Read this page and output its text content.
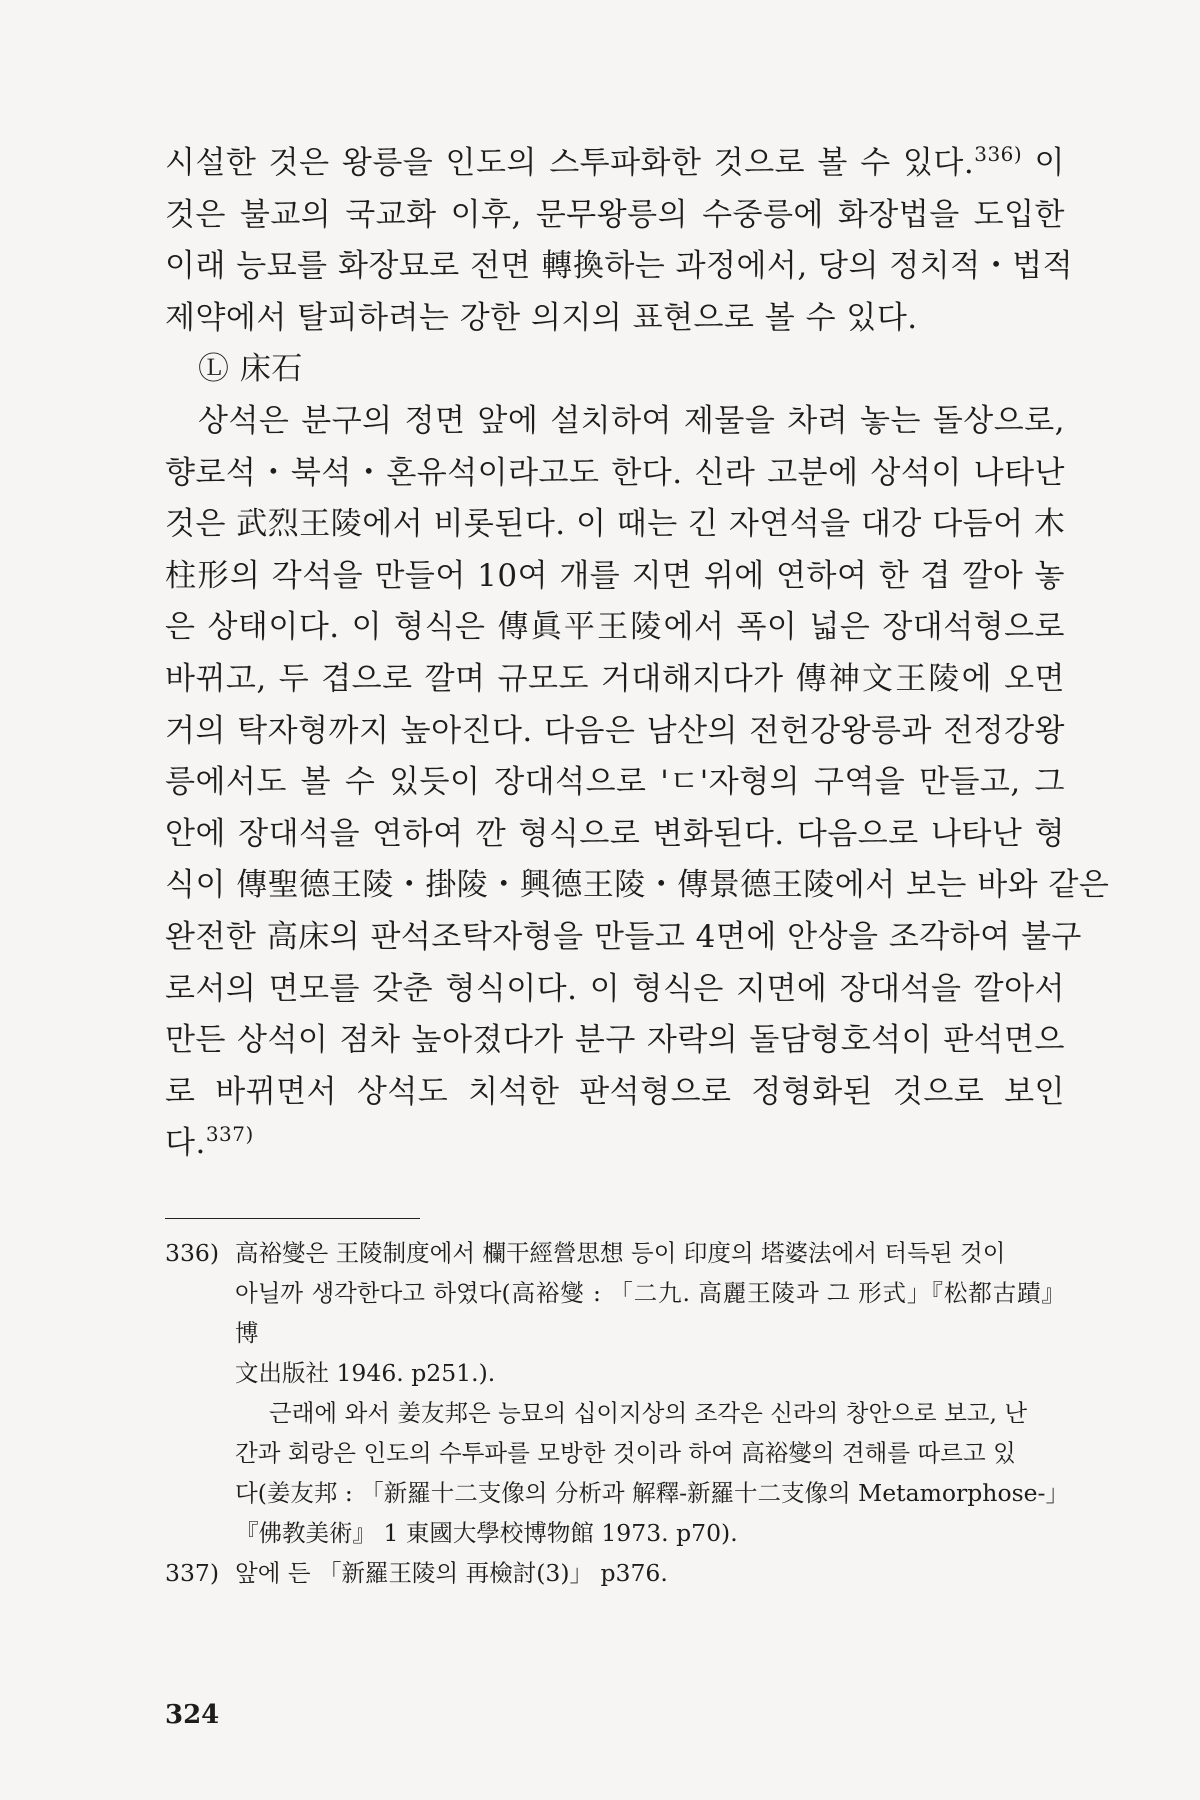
시설한 것은 왕릉을 인도의 스투파화한 것으로 볼 수 있다.$^{336)}$ 이
것은 불교의 국교화 이후, 문무왕릉의 수중릉에 화장법을 도입한
이래 능묘를 화장묘로 전면 轉換하는 과정에서, 당의 정치적・법적
제약에서 탈피하려는 강한 의지의 표현으로 볼 수 있다.
Ⓛ 床石
상석은 분구의 정면 앞에 설치하여 제물을 차려 놓는 돌상으로,
향로석・북석・혼유석이라고도 한다. 신라 고분에 상석이 나타난
것은 武烈王陵에서 비롯된다. 이 때는 긴 자연석을 대강 다듬어 木
柱形의 각석을 만들어 10여 개를 지면 위에 연하여 한 겹 깔아 놓
은 상태이다. 이 형식은 傳眞平王陵에서 폭이 넓은 장대석형으로
바뀌고, 두 겹으로 깔며 규모도 거대해지다가 傳神文王陵에 오면
거의 탁자형까지 높아진다. 다음은 남산의 전헌강왕릉과 전정강왕
릉에서도 볼 수 있듯이 장대석으로 'ㄷ'자형의 구역을 만들고, 그
안에 장대석을 연하여 깐 형식으로 변화된다. 다음으로 나타난 형
식이 傳聖德王陵・掛陵・興德王陵・傳景德王陵에서 보는 바와 같은
완전한 高床의 판석조탁자형을 만들고 4면에 안상을 조각하여 불구
로서의 면모를 갖춘 형식이다. 이 형식은 지면에 장대석을 깔아서
만든 상석이 점차 높아졌다가 분구 자락의 돌담형호석이 판석면으
로 바뀌면서 상석도 치석한 판석형으로 정형화된 것으로 보인
다.$^{337)}$
336) 高裕燮은 王陵制度에서 欄干經營思想 등이 印度의 塔婆法에서 터득된 것이
아닐까 생각한다고 하였다(高裕燮 : 「二九. 高麗王陵과 그 形式」『松都古蹟』 博
文出版社 1946. p251.).
근래에 와서 姜友邦은 능묘의 십이지상의 조각은 신라의 창안으로 보고, 난
간과 회랑은 인도의 수투파를 모방한 것이라 하여 高裕燮의 견해를 따르고 있
다(姜友邦 : 「新羅十二支像의 分析과 解釋-新羅十二支像의 Metamorphose-」
『佛教美術』 1 東國大學校博物館 1973. p70).
337) 앞에 든 「新羅王陵의 再檢討(3)」 p376.
324
